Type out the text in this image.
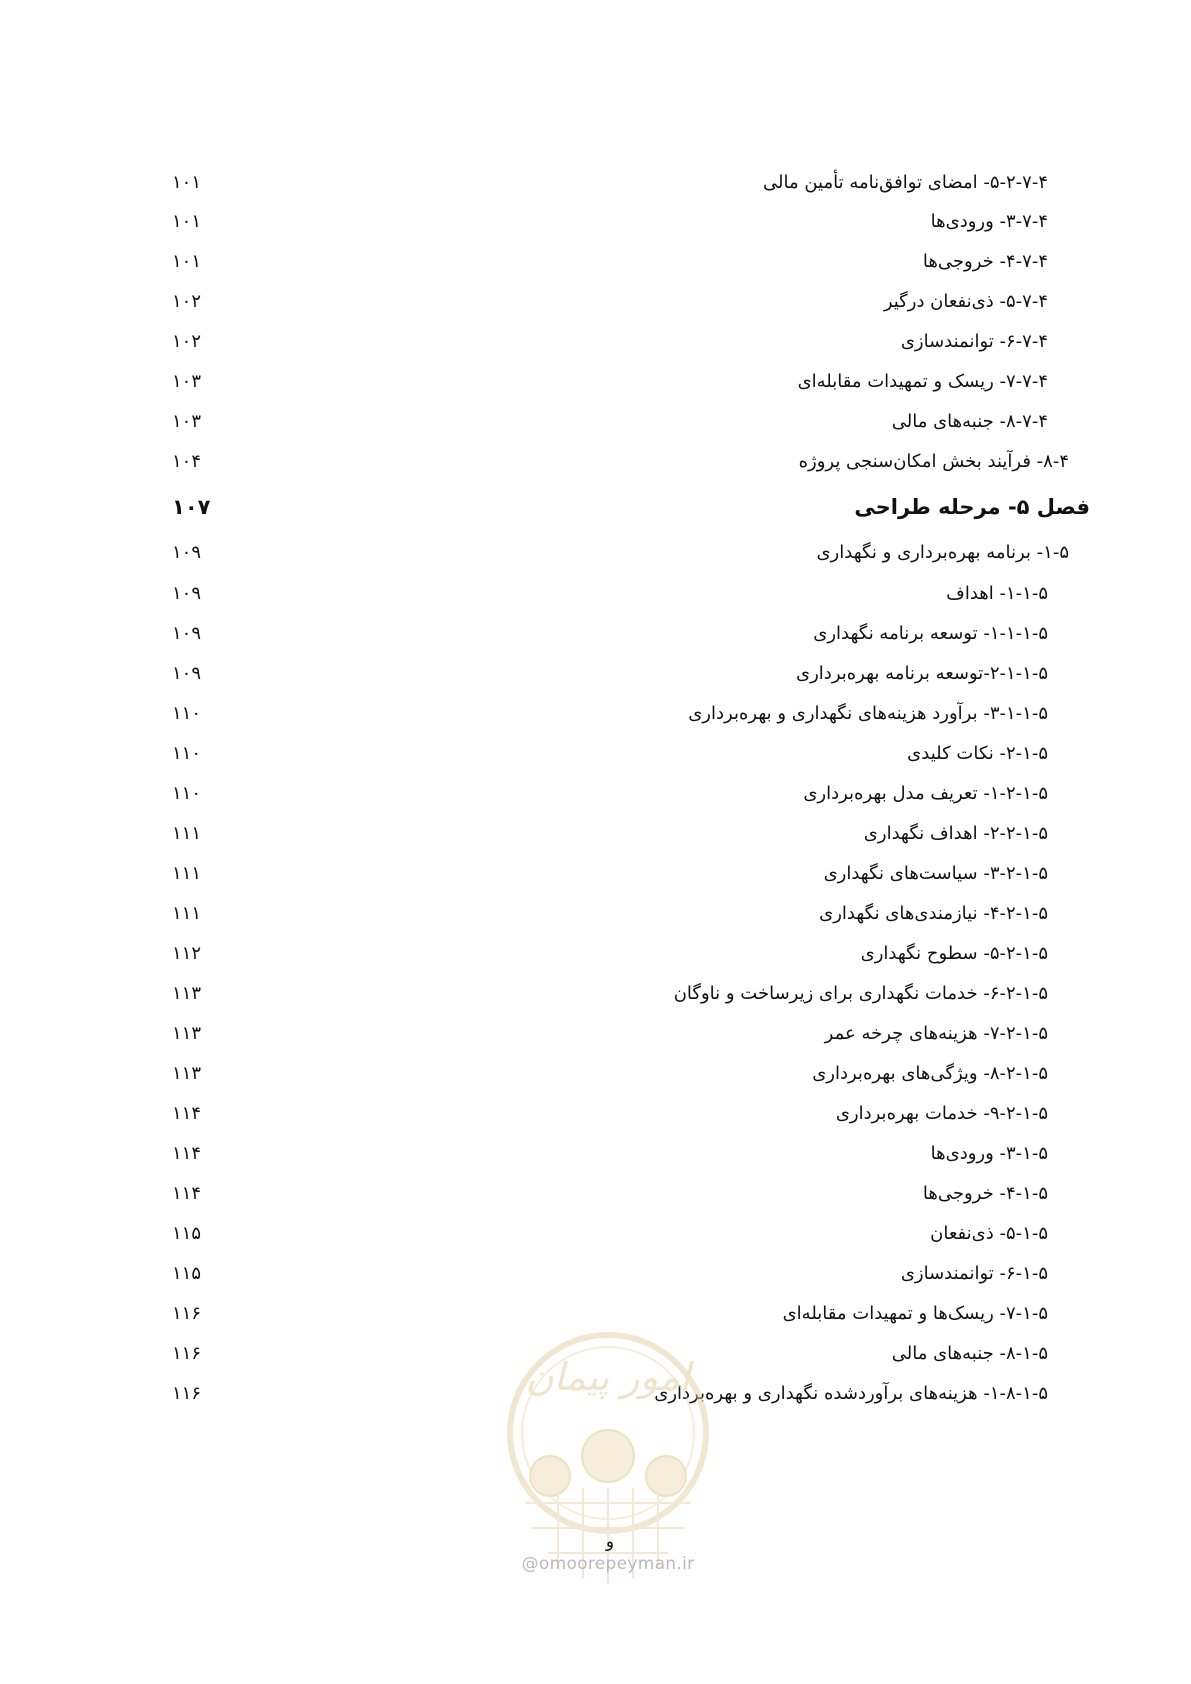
۵-۲-۷-۴- امضای توافق‌نامه تأمین مالی
۱۰۱
۳-۷-۴- ورودی‌ها
۱۰۱
۴-۷-۴- خروجی‌ها
۱۰۱
۵-۷-۴- ذی‌نفعان درگیر
۱۰۲
۶-۷-۴- توانمندسازی
۱۰۲
۷-۷-۴- ریسک و تمهیدات مقابله‌ای
۱۰۳
۸-۷-۴- جنبه‌های مالی
۱۰۳
۸-۴- فرآیند بخش امکان‌سنجی پروژه
۱۰۴
فصل ۵- مرحله طراحی
۱۰۷
۱-۵- برنامه بهره‌برداری و نگهداری
۱۰۹
۱-۱-۵- اهداف
۱۰۹
۱-۱-۱-۵- توسعه برنامه نگهداری
۱۰۹
۲-۱-۱-۵-توسعه برنامه بهره‌برداری
۱۰۹
۳-۱-۱-۵- برآورد هزینه‌های نگهداری و بهره‌برداری
۱۱۰
۲-۱-۵- نکات کلیدی
۱۱۰
۱-۲-۱-۵- تعریف مدل بهره‌برداری
۱۱۰
۲-۲-۱-۵- اهداف نگهداری
۱۱۱
۳-۲-۱-۵- سیاست‌های نگهداری
۱۱۱
۴-۲-۱-۵- نیازمندی‌های نگهداری
۱۱۱
۵-۲-۱-۵- سطوح نگهداری
۱۱۲
۶-۲-۱-۵- خدمات نگهداری برای زیرساخت و ناوگان
۱۱۳
۷-۲-۱-۵- هزینه‌های چرخه عمر
۱۱۳
۸-۲-۱-۵- ویژگی‌های بهره‌برداری
۱۱۳
۹-۲-۱-۵- خدمات بهره‌برداری
۱۱۴
۳-۱-۵- ورودی‌ها
۱۱۴
۴-۱-۵- خروجی‌ها
۱۱۴
۵-۱-۵- ذی‌نفعان
۱۱۵
۶-۱-۵- توانمندسازی
۱۱۵
۷-۱-۵- ریسک‌ها و تمهیدات مقابله‌ای
۱۱۶
۸-۱-۵- جنبه‌های مالی
۱۱۶
۱-۸-۱-۵- هزینه‌های برآوردشده نگهداری و بهره‌برداری
۱۱۶	امور پیمان
@omoorepeyman.ir
و
